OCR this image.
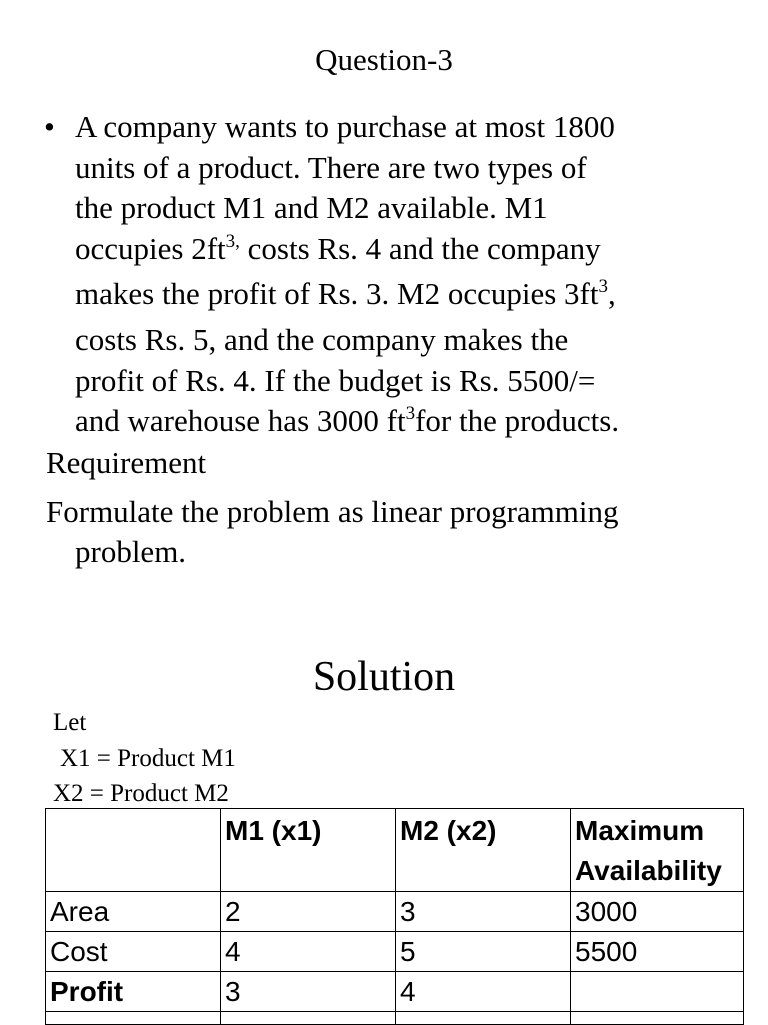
Question-3
• A company wants to purchase at most 1800
units of a product. There are two types of
the product M1 and M2 available. M1
occupies $2ft^{3,}$ costs Rs. 4 and the company
makes the profit of Rs. 3. M2 occupies $3ft^3$,
costs Rs. 5, and the company makes the
profit of Rs. 4. If the budget is Rs. 5500/=
and warehouse has 3000 $ft^3for$ the products.
Requirement
Formulate the problem as linear programming
problem.
Solution
Let
X1 = Product M1
X2 = Product M2
	M1 (x1)	M2 (x2)	Maximum Availability
Area	2	3	3000
Cost	4	5	5500
Profit	3	4	
